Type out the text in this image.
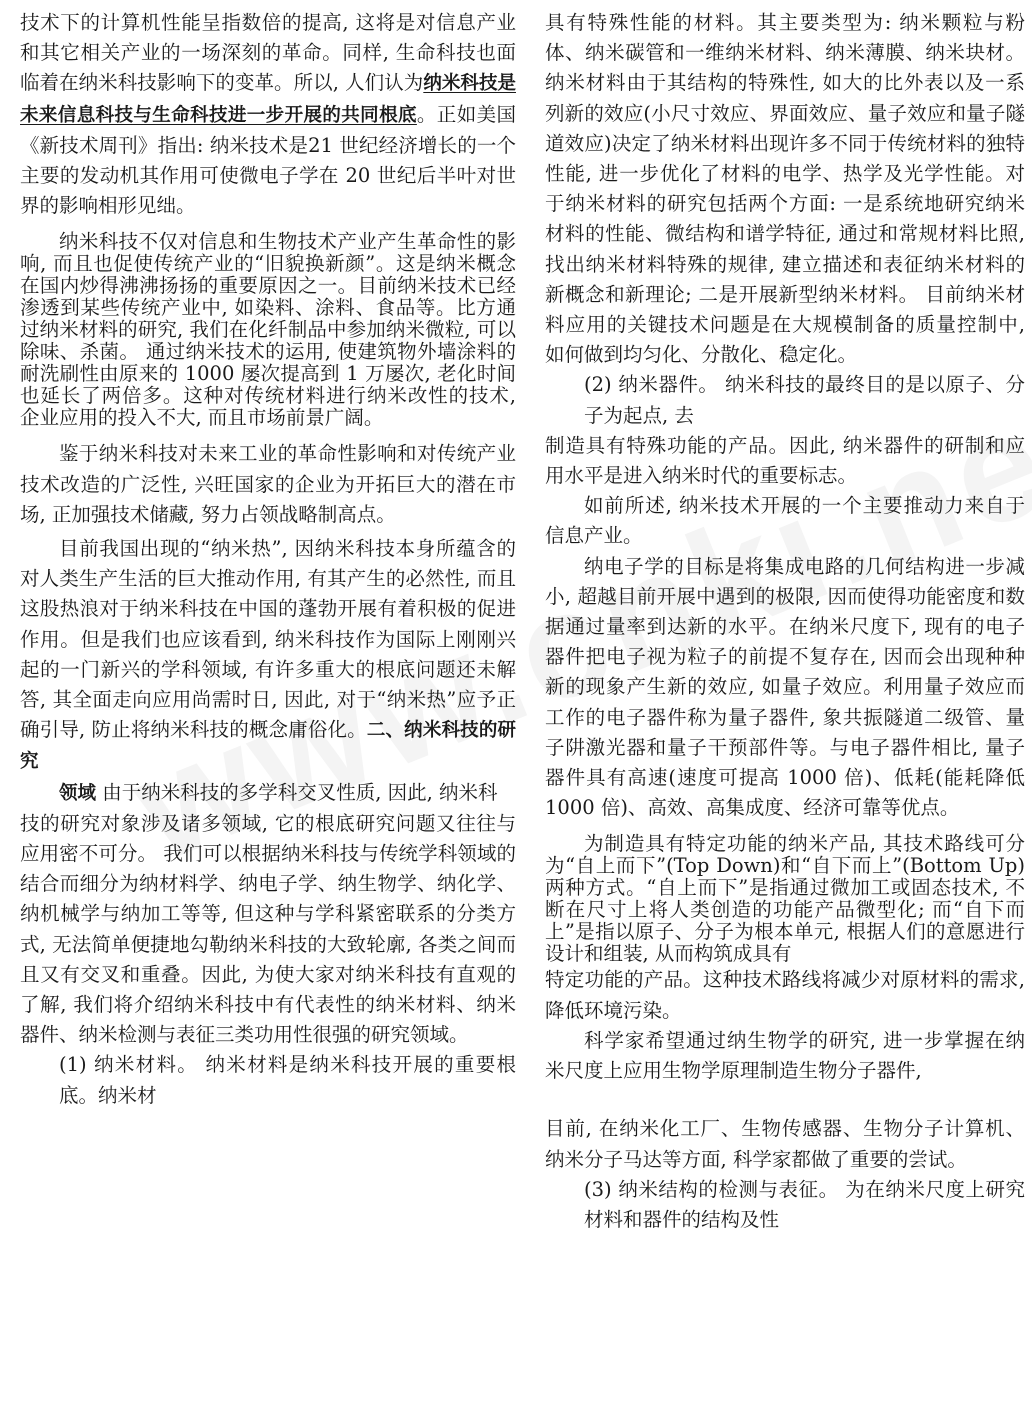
技术下的计算机性能呈指数倍的提高, 这将是对信息产业和其它相关产业的一场深刻的革命。同样, 生命科技也面临着在纳米科技影响下的变革。所以, 人们认为纳米科技是未来信息科技与生命科技进一步开展的共同根底。正如美国《新技术周刊》指出: 纳米技术是21 世纪经济增长的一个主要的发动机其作用可使微电子学在 20 世纪后半叶对世界的影响相形见绌。

纳米科技不仅对信息和生物技术产业产生革命性的影响, 而且也促使传统产业的“旧貌换新颜”。这是纳米概念在国内炒得沸沸扬扬的重要原因之一。目前纳米技术已经渗透到某些传统产业中, 如染料、涂料、食品等。比方通过纳米材料的研究, 我们在化纤制品中参加纳米微粒, 可以除味、杀菌。 通过纳米技术的运用, 使建筑物外墙涂料的耐洗刷性由原来的 1000 屡次提高到 1 万屡次, 老化时间也延长了两倍多。这种对传统材料进行纳米改性的技术, 企业应用的投入不大, 而且市场前景广阔。

鉴于纳米科技对未来工业的革命性影响和对传统产业技术改造的广泛性, 兴旺国家的企业为开拓巨大的潜在市场, 正加强技术储藏, 努力占领战略制高点。

目前我国出现的“纳米热”, 因纳米科技本身所蕴含的对人类生产生活的巨大推动作用, 有其产生的必然性, 而且这股热浪对于纳米科技在中国的蓬勃开展有着积极的促进作用。但是我们也应该看到, 纳米科技作为国际上刚刚兴起的一门新兴的学科领域, 有许多重大的根底问题还未解答, 其全面走向应用尚需时日, 因此, 对于“纳米热”应予正确引导, 防止将纳米科技的概念庸俗化。二、纳米科技的研究

领域 由于纳米科技的多学科交叉性质, 因此, 纳米科

技的研究对象涉及诸多领域, 它的根底研究问题又往往与应用密不可分。 我们可以根据纳米科技与传统学科领域的结合而细分为纳材料学、纳电子学、纳生物学、纳化学、纳机械学与纳加工等等, 但这种与学科紧密联系的分类方式, 无法简单便捷地勾勒纳米科技的大致轮廓, 各类之间而且又有交叉和重叠。因此, 为使大家对纳米科技有直观的了解, 我们将介绍纳米科技中有代表性的纳米材料、纳米器件、纳米检测与表征三类功用性很强的研究领域。

(1) 纳米材料。 纳米材料是纳米科技开展的重要根底。纳米材

具有特殊性能的材料。其主要类型为: 纳米颗粒与粉体、纳米碳管和一维纳米材料、纳米薄膜、纳米块材。纳米材料由于其结构的特殊性, 如大的比外表以及一系列新的效应(小尺寸效应、界面效应、量子效应和量子隧道效应)决定了纳米材料出现许多不同于传统材料的独特性能, 进一步优化了材料的电学、热学及光学性能。对于纳米材料的研究包括两个方面: 一是系统地研究纳米材料的性能、微结构和谱学特征, 通过和常规材料比照, 找出纳米材料特殊的规律, 建立描述和表征纳米材料的新概念和新理论; 二是开展新型纳米材料。 目前纳米材料应用的关键技术问题是在大规模制备的质量控制中, 如何做到均匀化、分散化、稳定化。

(2) 纳米器件。 纳米科技的最终目的是以原子、分子为起点, 去

制造具有特殊功能的产品。因此, 纳米器件的研制和应用水平是进入纳米时代的重要标志。

如前所述, 纳米技术开展的一个主要推动力来自于信息产业。

纳电子学的目标是将集成电路的几何结构进一步减小, 超越目前开展中遇到的极限, 因而使得功能密度和数据通过量率到达新的水平。在纳米尺度下, 现有的电子器件把电子视为粒子的前提不复存在, 因而会出现种种新的现象产生新的效应, 如量子效应。利用量子效应而工作的电子器件称为量子器件, 象共振隧道二级管、量子阱激光器和量子干预部件等。与电子器件相比, 量子器件具有高速(速度可提高 1000 倍)、低耗(能耗降低 1000 倍)、高效、高集成度、经济可靠等优点。

为制造具有特定功能的纳米产品, 其技术路线可分为“自上而下”(Top Down)和“自下而上”(Bottom Up)两种方式。“自上而下”是指通过微加工或固态技术, 不断在尺寸上将人类创造的功能产品微型化; 而“自下而上”是指以原子、分子为根本单元, 根据人们的意愿进行设计和组装, 从而构筑成具有

特定功能的产品。这种技术路线将减少对原材料的需求, 降低环境污染。

科学家希望通过纳生物学的研究, 进一步掌握在纳米尺度上应用生物学原理制造生物分子器件,

目前, 在纳米化工厂、生物传感器、生物分子计算机、纳米分子马达等方面, 科学家都做了重要的尝试。

(3) 纳米结构的检测与表征。 为在纳米尺度上研究材料和器件的结构及性
